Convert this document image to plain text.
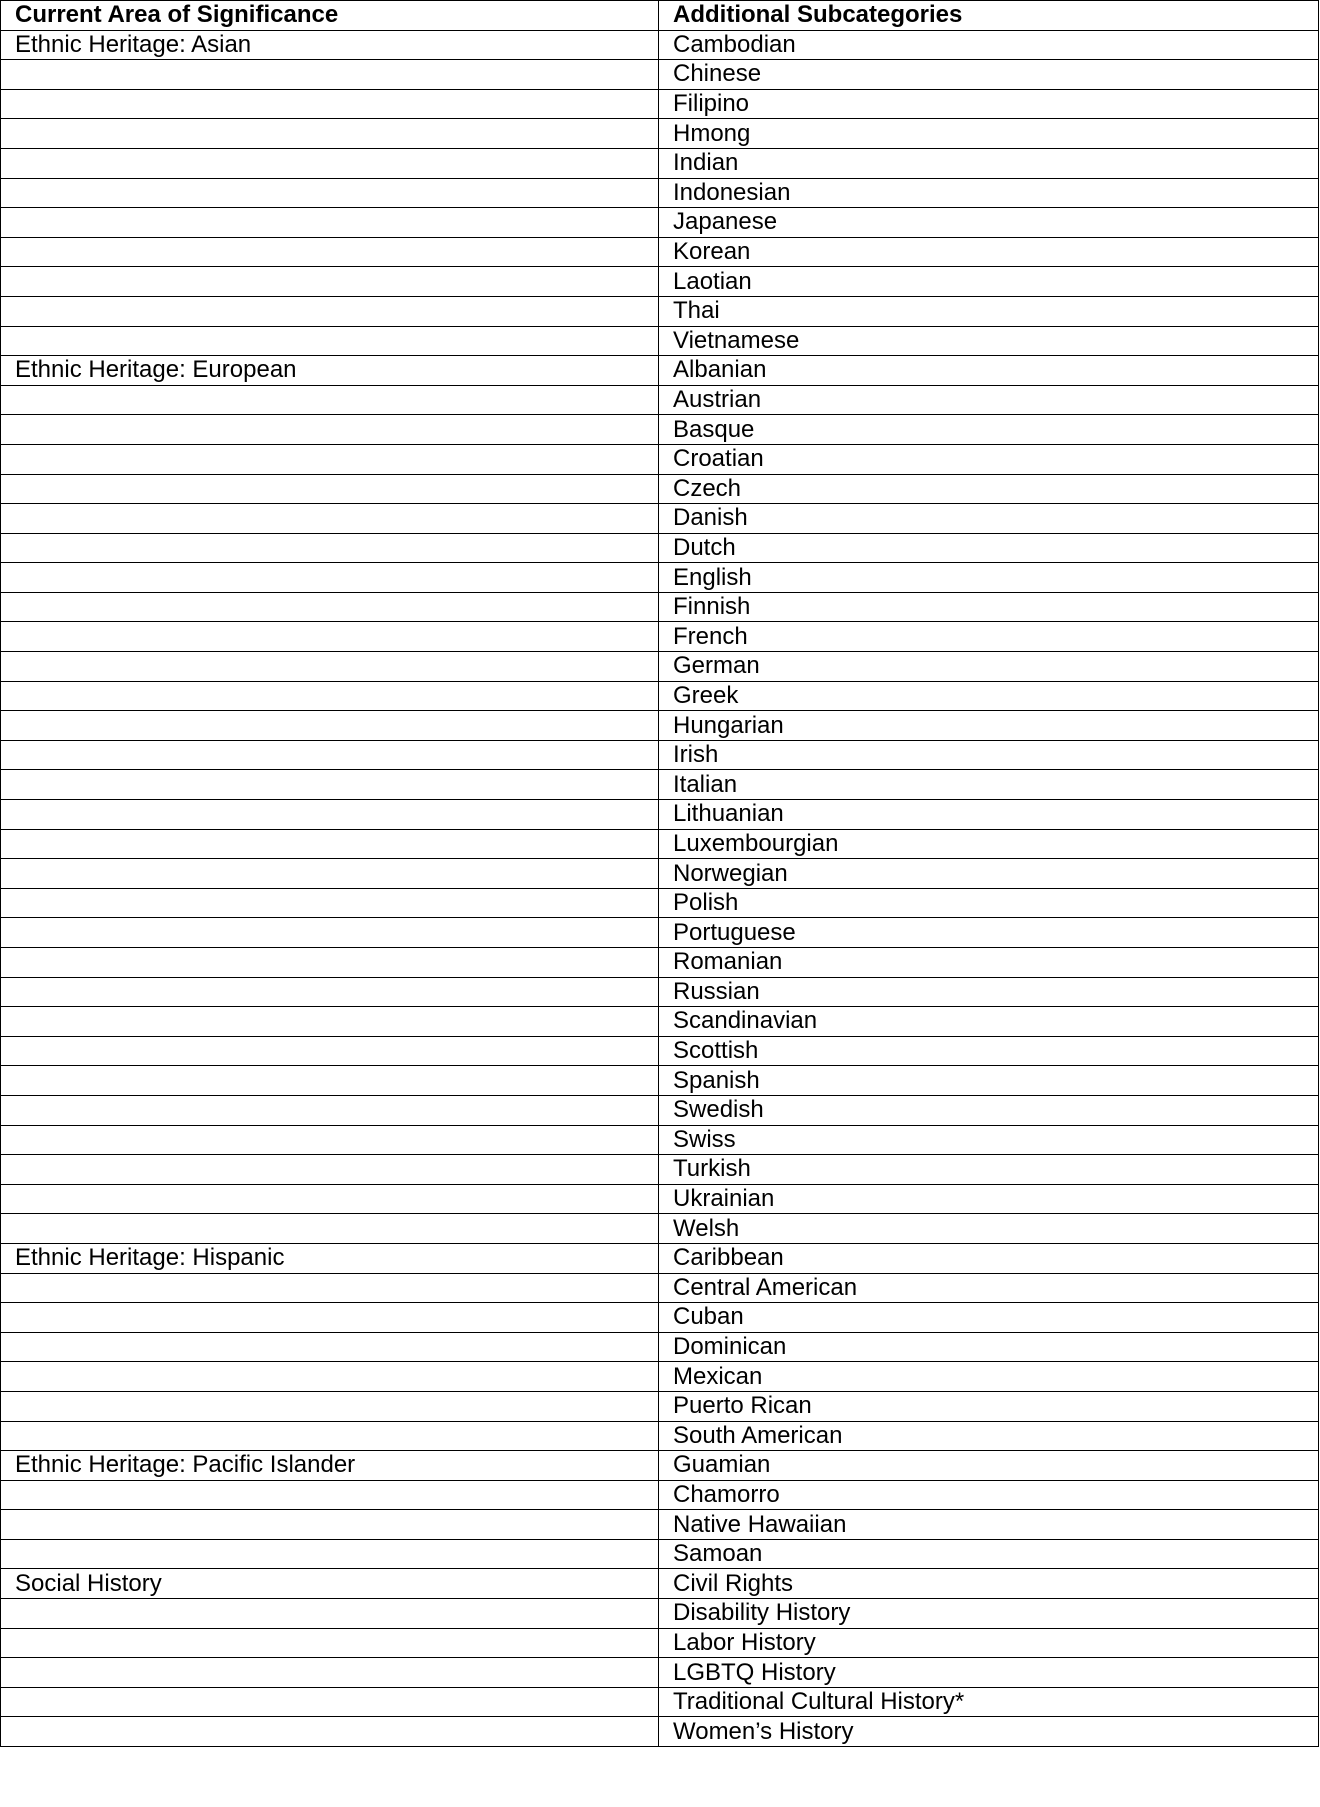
Current Area of Significance	Additional Subcategories
Ethnic Heritage: Asian	Cambodian
	Chinese
	Filipino
	Hmong
	Indian
	Indonesian
	Japanese
	Korean
	Laotian
	Thai
	Vietnamese
Ethnic Heritage: European	Albanian
	Austrian
	Basque
	Croatian
	Czech
	Danish
	Dutch
	English
	Finnish
	French
	German
	Greek
	Hungarian
	Irish
	Italian
	Lithuanian
	Luxembourgian
	Norwegian
	Polish
	Portuguese
	Romanian
	Russian
	Scandinavian
	Scottish
	Spanish
	Swedish
	Swiss
	Turkish
	Ukrainian
	Welsh
Ethnic Heritage: Hispanic	Caribbean
	Central American
	Cuban
	Dominican
	Mexican
	Puerto Rican
	South American
Ethnic Heritage: Pacific Islander	Guamian
	Chamorro
	Native Hawaiian
	Samoan
Social History	Civil Rights
	Disability History
	Labor History
	LGBTQ History
	Traditional Cultural History*
	Women’s History
